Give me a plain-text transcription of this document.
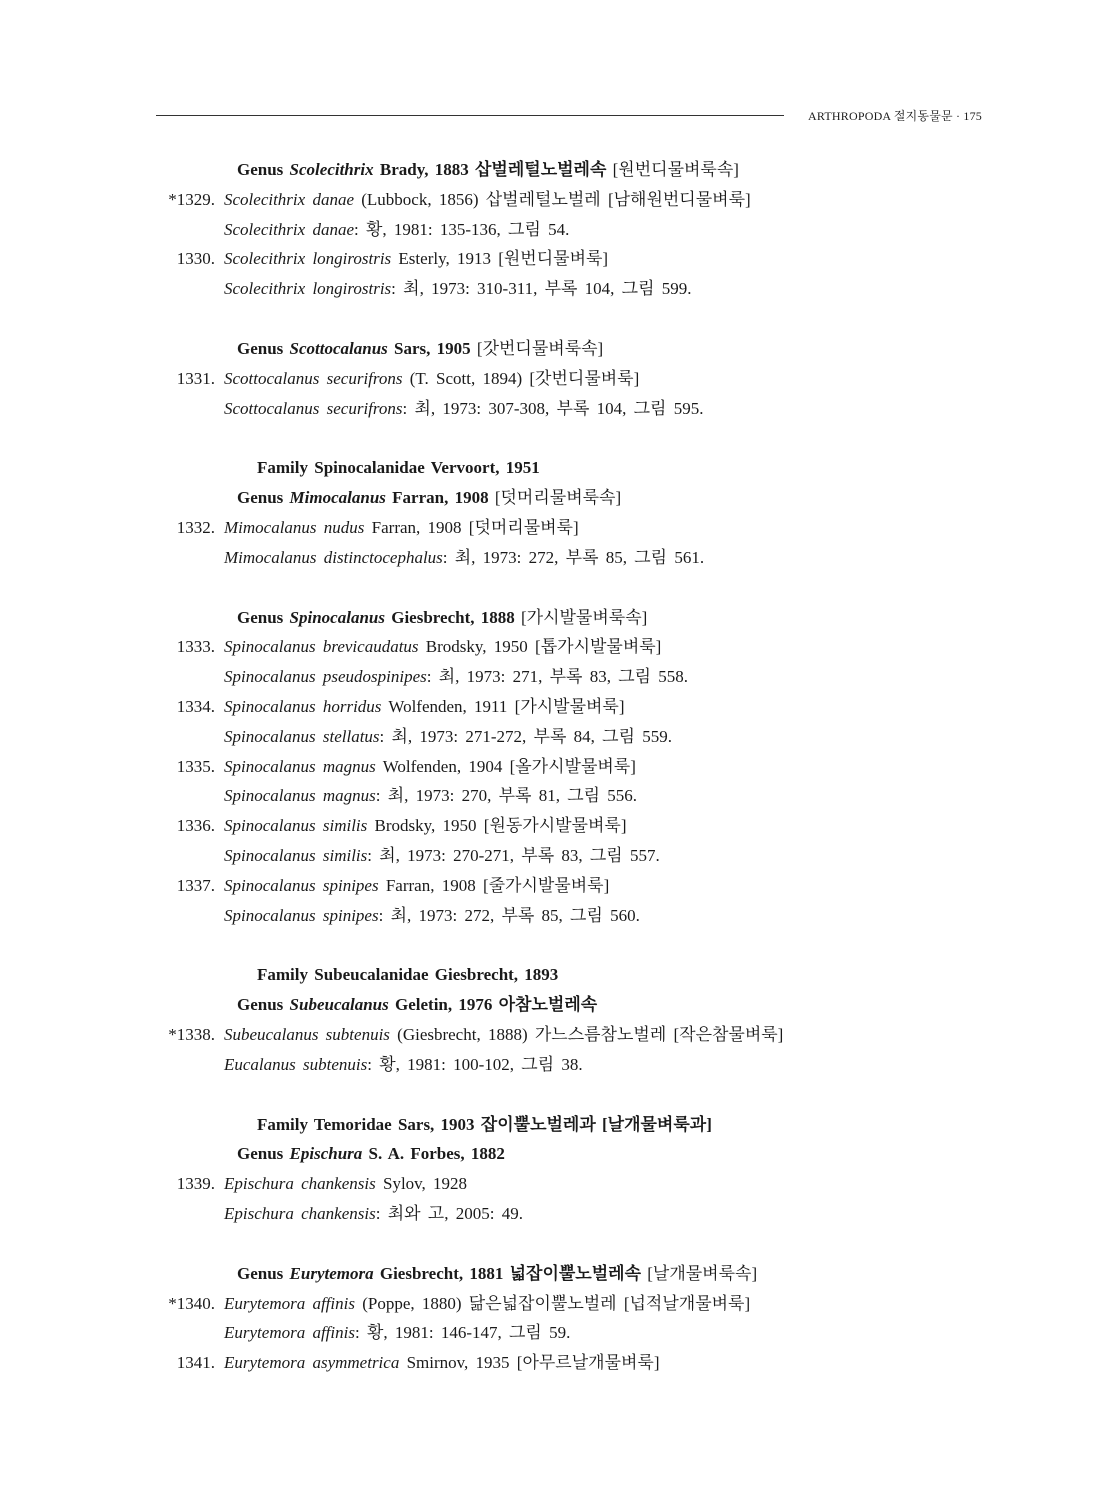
ARTHROPODA 절지동물문 · 175
Genus Scolecithrix Brady, 1883 삽벌레털노벌레속 [원번디물벼룩속]
*1329. Scolecithrix danae (Lubbock, 1856) 삽벌레털노벌레 [남해원번디물벼룩]
Scolecithrix danae: 황, 1981: 135-136, 그림 54.
1330. Scolecithrix longirostris Esterly, 1913 [원번디물벼룩]
Scolecithrix longirostris: 최, 1973: 310-311, 부록 104, 그림 599.
Genus Scottocalanus Sars, 1905 [갓번디물벼룩속]
1331. Scottocalanus securifrons (T. Scott, 1894) [갓번디물벼룩]
Scottocalanus securifrons: 최, 1973: 307-308, 부록 104, 그림 595.
Family Spinocalanidae Vervoort, 1951
Genus Mimocalanus Farran, 1908 [덧머리물벼룩속]
1332. Mimocalanus nudus Farran, 1908 [덧머리물벼룩]
Mimocalanus distinctocephalus: 최, 1973: 272, 부록 85, 그림 561.
Genus Spinocalanus Giesbrecht, 1888 [가시발물벼룩속]
1333. Spinocalanus brevicaudatus Brodsky, 1950 [톱가시발물벼룩]
Spinocalanus pseudospinipes: 최, 1973: 271, 부록 83, 그림 558.
1334. Spinocalanus horridus Wolfenden, 1911 [가시발물벼룩]
Spinocalanus stellatus: 최, 1973: 271-272, 부록 84, 그림 559.
1335. Spinocalanus magnus Wolfenden, 1904 [올가시발물벼룩]
Spinocalanus magnus: 최, 1973: 270, 부록 81, 그림 556.
1336. Spinocalanus similis Brodsky, 1950 [원동가시발물벼룩]
Spinocalanus similis: 최, 1973: 270-271, 부록 83, 그림 557.
1337. Spinocalanus spinipes Farran, 1908 [줄가시발물벼룩]
Spinocalanus spinipes: 최, 1973: 272, 부록 85, 그림 560.
Family Subeucalanidae Giesbrecht, 1893
Genus Subeucalanus Geletin, 1976 아참노벌레속
*1338. Subeucalanus subtenuis (Giesbrecht, 1888) 가느스름참노벌레 [작은참물벼룩]
Eucalanus subtenuis: 황, 1981: 100-102, 그림 38.
Family Temoridae Sars, 1903 잡이뿔노벌레과 [날개물벼룩과]
Genus Epischura S. A. Forbes, 1882
1339. Epischura chankensis Sylov, 1928
Epischura chankensis: 최와 고, 2005: 49.
Genus Eurytemora Giesbrecht, 1881 넓잡이뿔노벌레속 [날개물벼룩속]
*1340. Eurytemora affinis (Poppe, 1880) 닮은넓잡이뿔노벌레 [넙적날개물벼룩]
Eurytemora affinis: 황, 1981: 146-147, 그림 59.
1341. Eurytemora asymmetrica Smirnov, 1935 [아무르날개물벼룩]
